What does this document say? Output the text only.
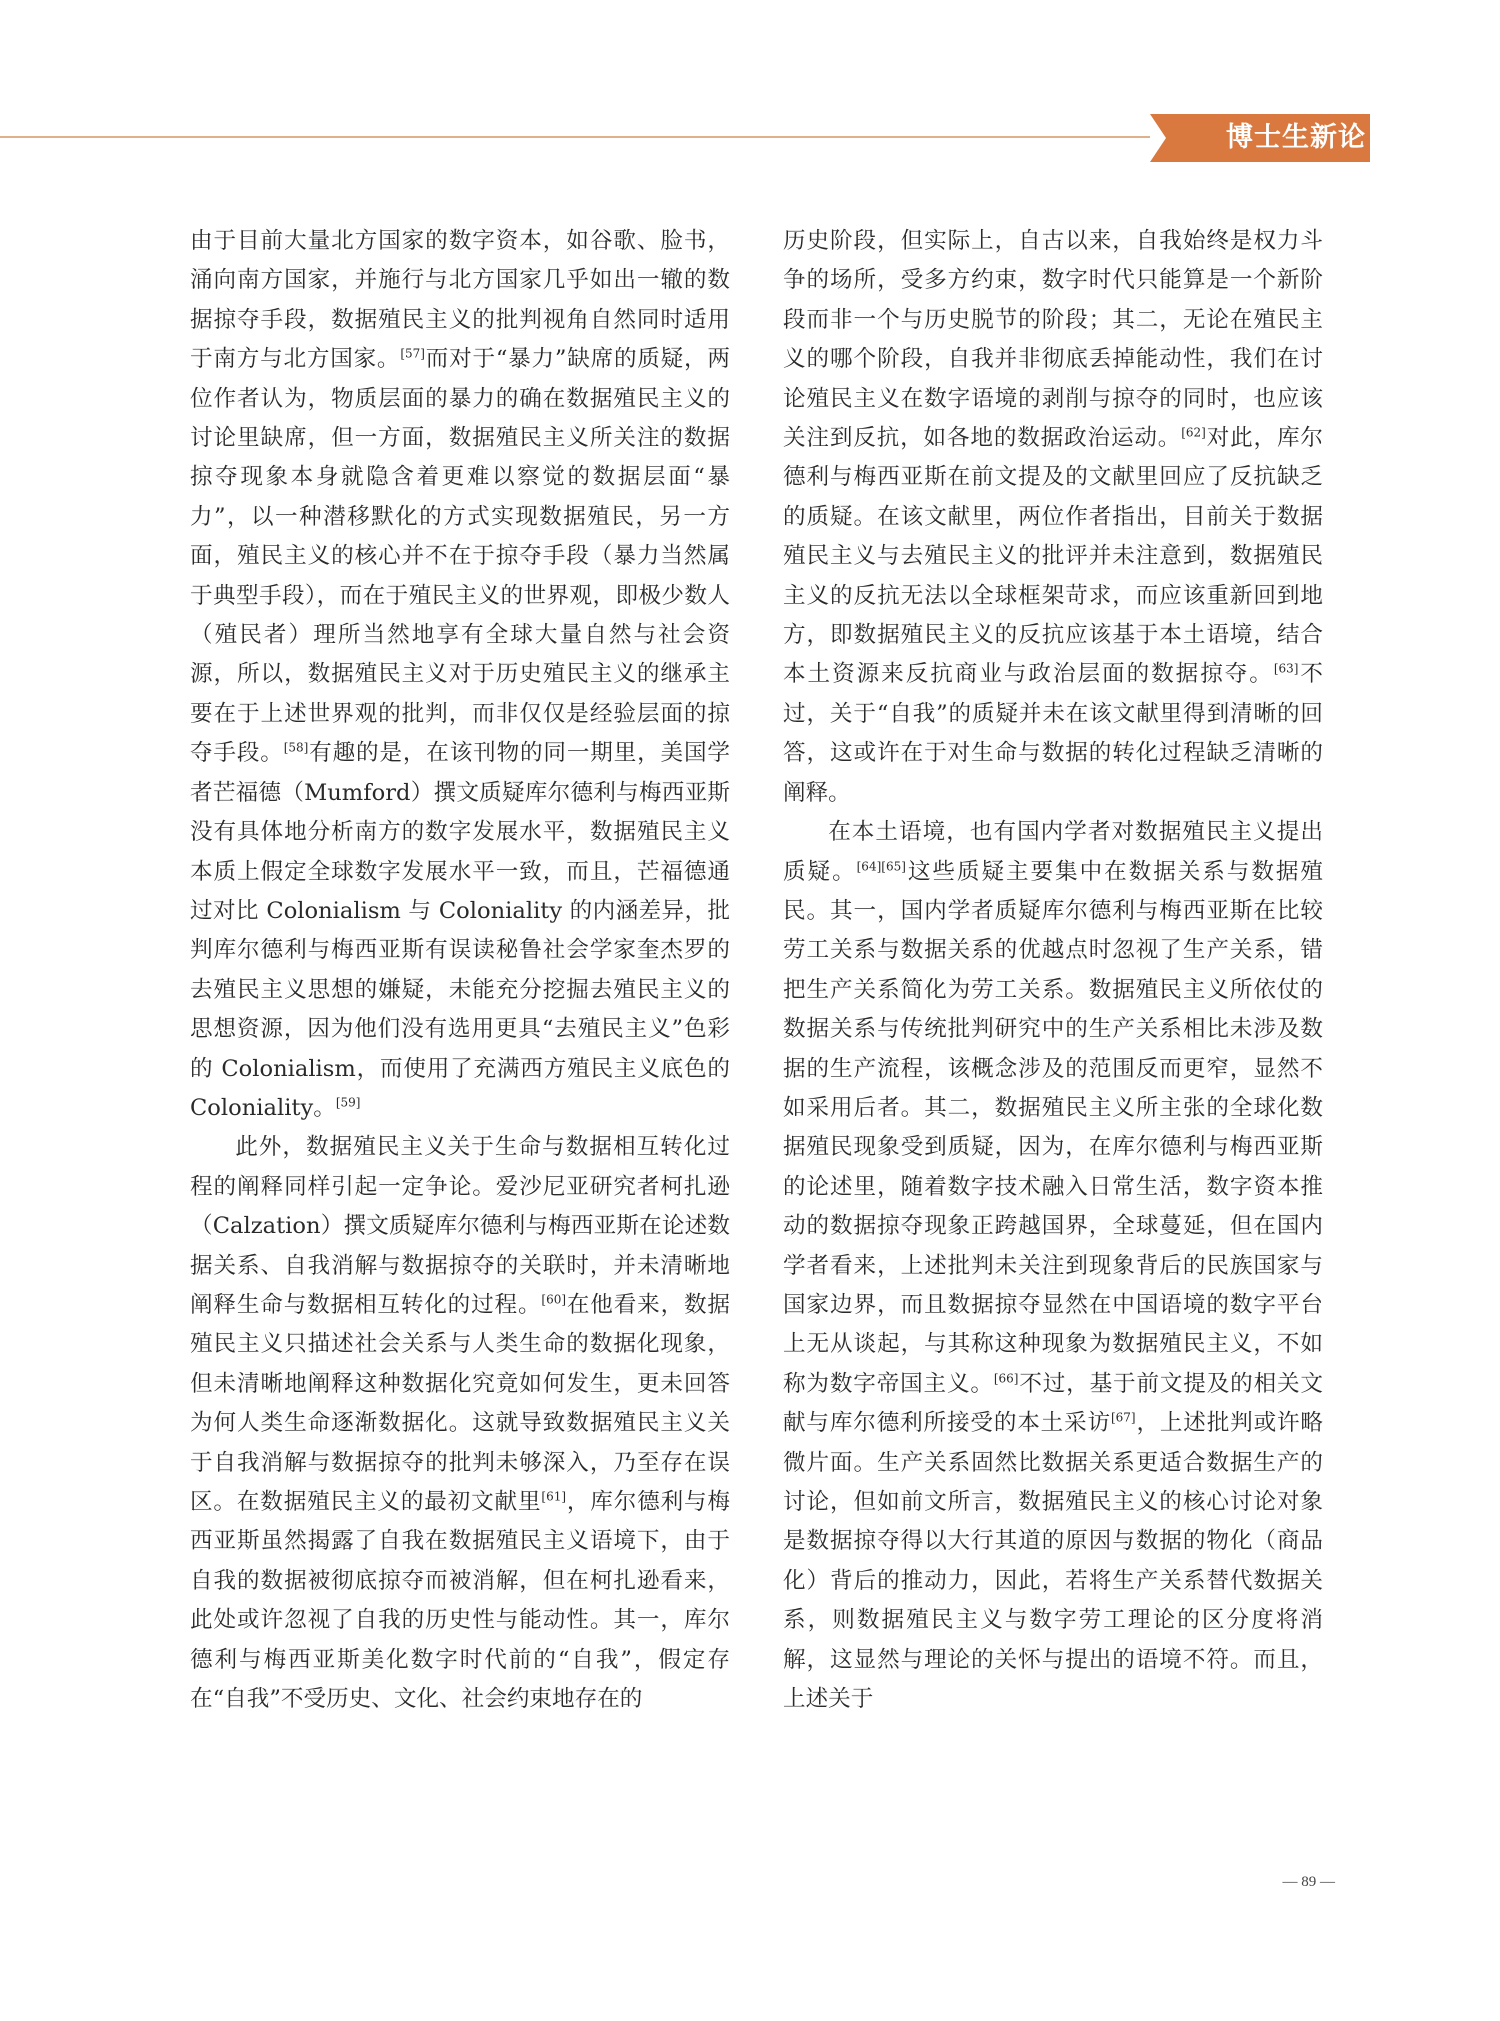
博士生新论

由于目前大量北方国家的数字资本，如谷歌、脸书，涌向南方国家，并施行与北方国家几乎如出一辙的数据掠夺手段，数据殖民主义的批判视角自然同时适用于南方与北方国家。[57]而对于“暴力”缺席的质疑，两位作者认为，物质层面的暴力的确在数据殖民主义的讨论里缺席，但一方面，数据殖民主义所关注的数据掠夺现象本身就隐含着更难以察觉的数据层面“暴力”，以一种潜移默化的方式实现数据殖民，另一方面，殖民主义的核心并不在于掠夺手段（暴力当然属于典型手段），而在于殖民主义的世界观，即极少数人（殖民者）理所当然地享有全球大量自然与社会资源，所以，数据殖民主义对于历史殖民主义的继承主要在于上述世界观的批判，而非仅仅是经验层面的掠夺手段。[58]有趣的是，在该刊物的同一期里，美国学者芒福德（Mumford）撰文质疑库尔德利与梅西亚斯没有具体地分析南方的数字发展水平，数据殖民主义本质上假定全球数字发展水平一致，而且，芒福德通过对比 Colonialism 与 Coloniality 的内涵差异，批判库尔德利与梅西亚斯有误读秘鲁社会学家奎杰罗的去殖民主义思想的嫌疑，未能充分挖掘去殖民主义的思想资源，因为他们没有选用更具“去殖民主义”色彩的 Colonialism，而使用了充满西方殖民主义底色的 Coloniality。[59]

此外，数据殖民主义关于生命与数据相互转化过程的阐释同样引起一定争论。爱沙尼亚研究者柯扎逊（Calzation）撰文质疑库尔德利与梅西亚斯在论述数据关系、自我消解与数据掠夺的关联时，并未清晰地阐释生命与数据相互转化的过程。[60]在他看来，数据殖民主义只描述社会关系与人类生命的数据化现象，但未清晰地阐释这种数据化究竟如何发生，更未回答为何人类生命逐渐数据化。这就导致数据殖民主义关于自我消解与数据掠夺的批判未够深入，乃至存在误区。在数据殖民主义的最初文献里[61]，库尔德利与梅西亚斯虽然揭露了自我在数据殖民主义语境下，由于自我的数据被彻底掠夺而被消解，但在柯扎逊看来，此处或许忽视了自我的历史性与能动性。其一，库尔德利与梅西亚斯美化数字时代前的“自我”，假定存在“自我”不受历史、文化、社会约束地存在的

历史阶段，但实际上，自古以来，自我始终是权力斗争的场所，受多方约束，数字时代只能算是一个新阶段而非一个与历史脱节的阶段；其二，无论在殖民主义的哪个阶段，自我并非彻底丢掉能动性，我们在讨论殖民主义在数字语境的剥削与掠夺的同时，也应该关注到反抗，如各地的数据政治运动。[62]对此，库尔德利与梅西亚斯在前文提及的文献里回应了反抗缺乏的质疑。在该文献里，两位作者指出，目前关于数据殖民主义与去殖民主义的批评并未注意到，数据殖民主义的反抗无法以全球框架苛求，而应该重新回到地方，即数据殖民主义的反抗应该基于本土语境，结合本土资源来反抗商业与政治层面的数据掠夺。[63]不过，关于“自我”的质疑并未在该文献里得到清晰的回答，这或许在于对生命与数据的转化过程缺乏清晰的阐释。

在本土语境，也有国内学者对数据殖民主义提出质疑。[64][65]这些质疑主要集中在数据关系与数据殖民。其一，国内学者质疑库尔德利与梅西亚斯在比较劳工关系与数据关系的优越点时忽视了生产关系，错把生产关系简化为劳工关系。数据殖民主义所依仗的数据关系与传统批判研究中的生产关系相比未涉及数据的生产流程，该概念涉及的范围反而更窄，显然不如采用后者。其二，数据殖民主义所主张的全球化数据殖民现象受到质疑，因为，在库尔德利与梅西亚斯的论述里，随着数字技术融入日常生活，数字资本推动的数据掠夺现象正跨越国界，全球蔓延，但在国内学者看来，上述批判未关注到现象背后的民族国家与国家边界，而且数据掠夺显然在中国语境的数字平台上无从谈起，与其称这种现象为数据殖民主义，不如称为数字帝国主义。[66]不过，基于前文提及的相关文献与库尔德利所接受的本土采访[67]，上述批判或许略微片面。生产关系固然比数据关系更适合数据生产的讨论，但如前文所言，数据殖民主义的核心讨论对象是数据掠夺得以大行其道的原因与数据的物化（商品化）背后的推动力，因此，若将生产关系替代数据关系，则数据殖民主义与数字劳工理论的区分度将消解，这显然与理论的关怀与提出的语境不符。而且，上述关于

— 89 —
